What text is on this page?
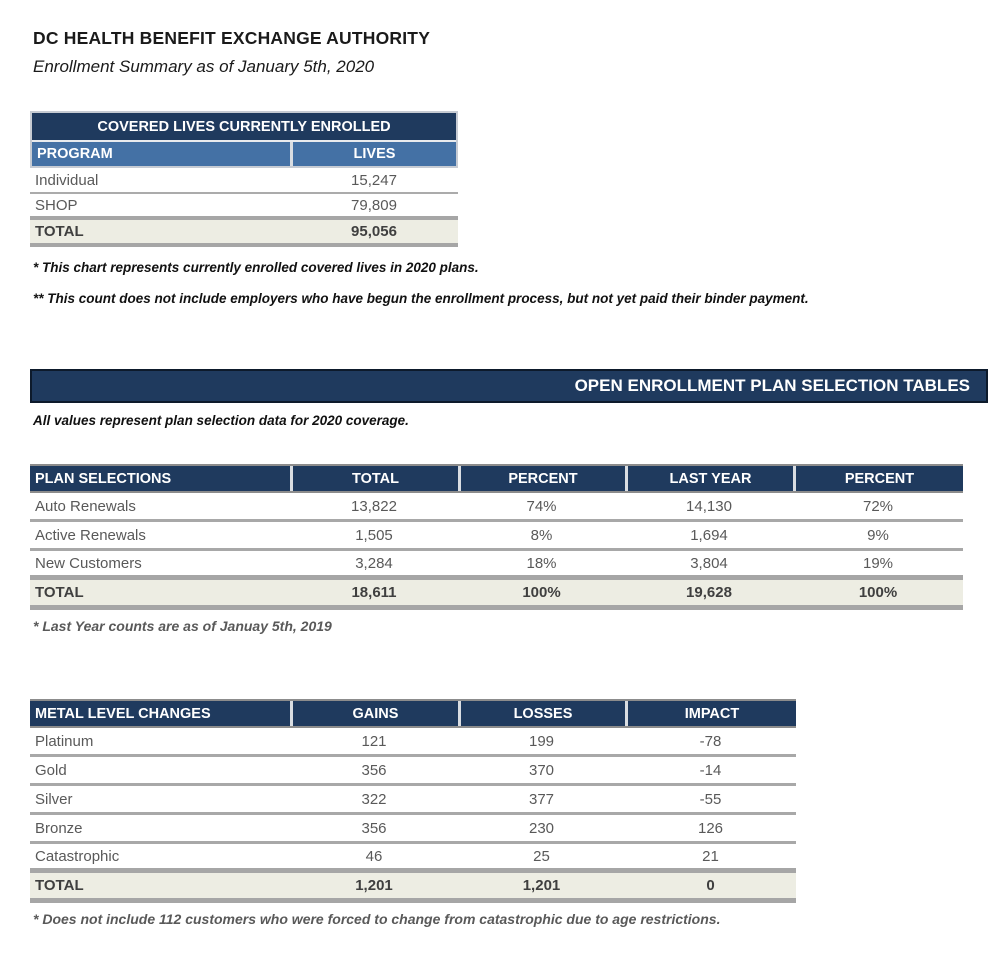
DC HEALTH BENEFIT EXCHANGE AUTHORITY
Enrollment Summary as of January 5th, 2020
COVERED LIVES CURRENTLY ENROLLED
PROGRAM	LIVES
Individual	15,247
SHOP	79,809
TOTAL	95,056
* This chart represents currently enrolled covered lives in 2020 plans.
** This count does not include employers who have begun the enrollment process, but not yet paid their binder payment.
OPEN ENROLLMENT PLAN SELECTION TABLES
All values represent plan selection data for 2020 coverage.
PLAN SELECTIONS	TOTAL	PERCENT	LAST YEAR	PERCENT
Auto Renewals	13,822	74%	14,130	72%
Active Renewals	1,505	8%	1,694	9%
New Customers	3,284	18%	3,804	19%
TOTAL	18,611	100%	19,628	100%
* Last Year counts are as of Januay 5th, 2019
METAL LEVEL CHANGES	GAINS	LOSSES	IMPACT
Platinum	121	199	-78
Gold	356	370	-14
Silver	322	377	-55
Bronze	356	230	126
Catastrophic	46	25	21
TOTAL	1,201	1,201	0
* Does not include 112 customers who were forced to change from catastrophic due to age restrictions.
